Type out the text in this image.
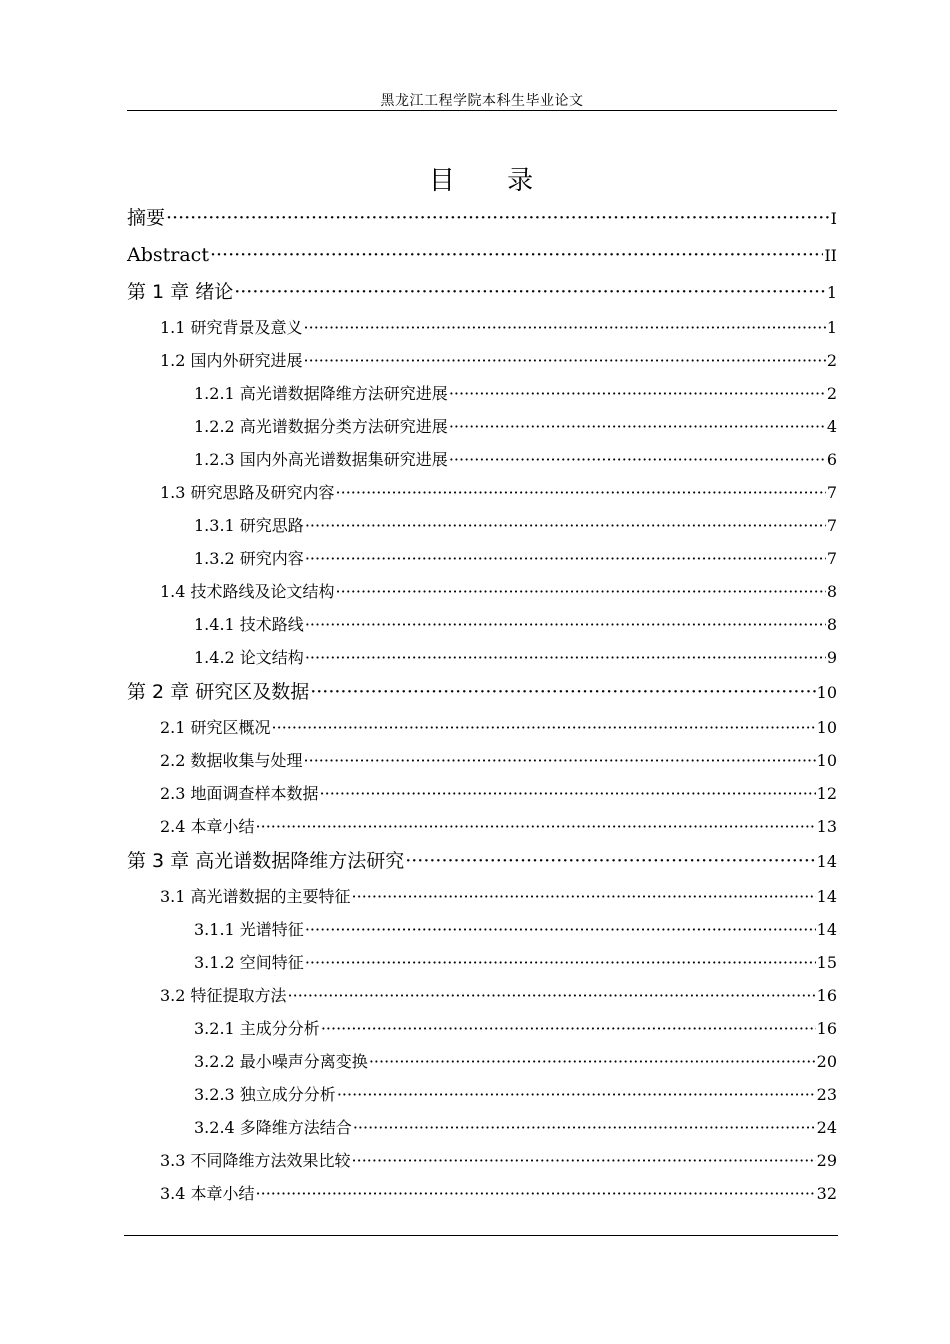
黑龙江工程学院本科生毕业论文
目 录
摘要 ·····	I
Abstract ·····	II
第 1 章 绪论 ·····	1
1.1 研究背景及意义 ·····	1
1.2 国内外研究进展 ·····	2
1.2.1 高光谱数据降维方法研究进展 ·····	2
1.2.2 高光谱数据分类方法研究进展 ·····	4
1.2.3 国内外高光谱数据集研究进展 ·····	6
1.3 研究思路及研究内容 ·····	7
1.3.1 研究思路 ·····	7
1.3.2 研究内容 ·····	7
1.4 技术路线及论文结构 ·····	8
1.4.1 技术路线 ·····	8
1.4.2 论文结构 ·····	9
第 2 章 研究区及数据 ·····	10
2.1 研究区概况 ·····	10
2.2 数据收集与处理 ·····	10
2.3 地面调查样本数据 ·····	12
2.4 本章小结 ·····	13
第 3 章 高光谱数据降维方法研究 ·····	14
3.1 高光谱数据的主要特征 ·····	14
3.1.1 光谱特征 ·····	14
3.1.2 空间特征 ·····	15
3.2 特征提取方法 ·····	16
3.2.1 主成分分析 ·····	16
3.2.2 最小噪声分离变换 ·····	20
3.2.3 独立成分分析 ·····	23
3.2.4 多降维方法结合 ·····	24
3.3 不同降维方法效果比较 ·····	29
3.4 本章小结 ·····	32
